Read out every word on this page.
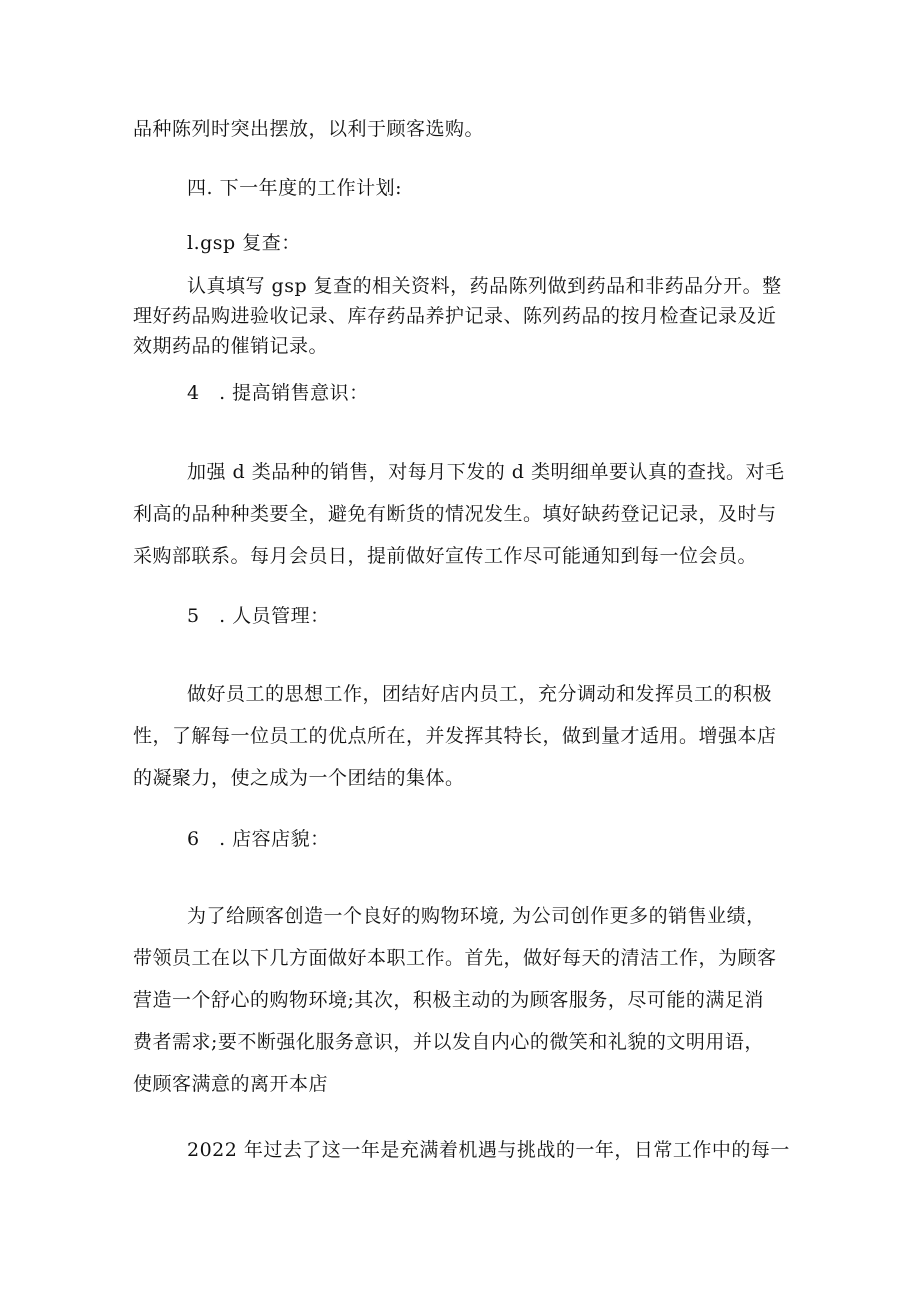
品种陈列时突出摆放，以利于顾客选购。

四. 下一年度的工作计划:

l.gsp 复查：

认真填写 gsp 复查的相关资料，药品陈列做到药品和非药品分开。整
理好药品购进验收记录、库存药品养护记录、陈列药品的按月检查记录及近
效期药品的催销记录。

4　. 提高销售意识：

加强 d 类品种的销售，对每月下发的 d 类明细单要认真的查找。对毛
利高的品种种类要全，避免有断货的情况发生。填好缺药登记记录，及时与
采购部联系。每月会员日，提前做好宣传工作尽可能通知到每一位会员。

5　. 人员管理：

做好员工的思想工作，团结好店内员工，充分调动和发挥员工的积极
性，了解每一位员工的优点所在，并发挥其特长，做到量才适用。增强本店
的凝聚力，使之成为一个团结的集体。

6　. 店容店貌：

为了给顾客创造一个良好的购物环境, 为公司创作更多的销售业绩，
带领员工在以下几方面做好本职工作。首先，做好每天的清洁工作，为顾客
营造一个舒心的购物环境;其次，积极主动的为顾客服务，尽可能的满足消
费者需求;要不断强化服务意识，并以发自内心的微笑和礼貌的文明用语，
使顾客满意的离开本店

2022 年过去了这一年是充满着机遇与挑战的一年，日常工作中的每一
